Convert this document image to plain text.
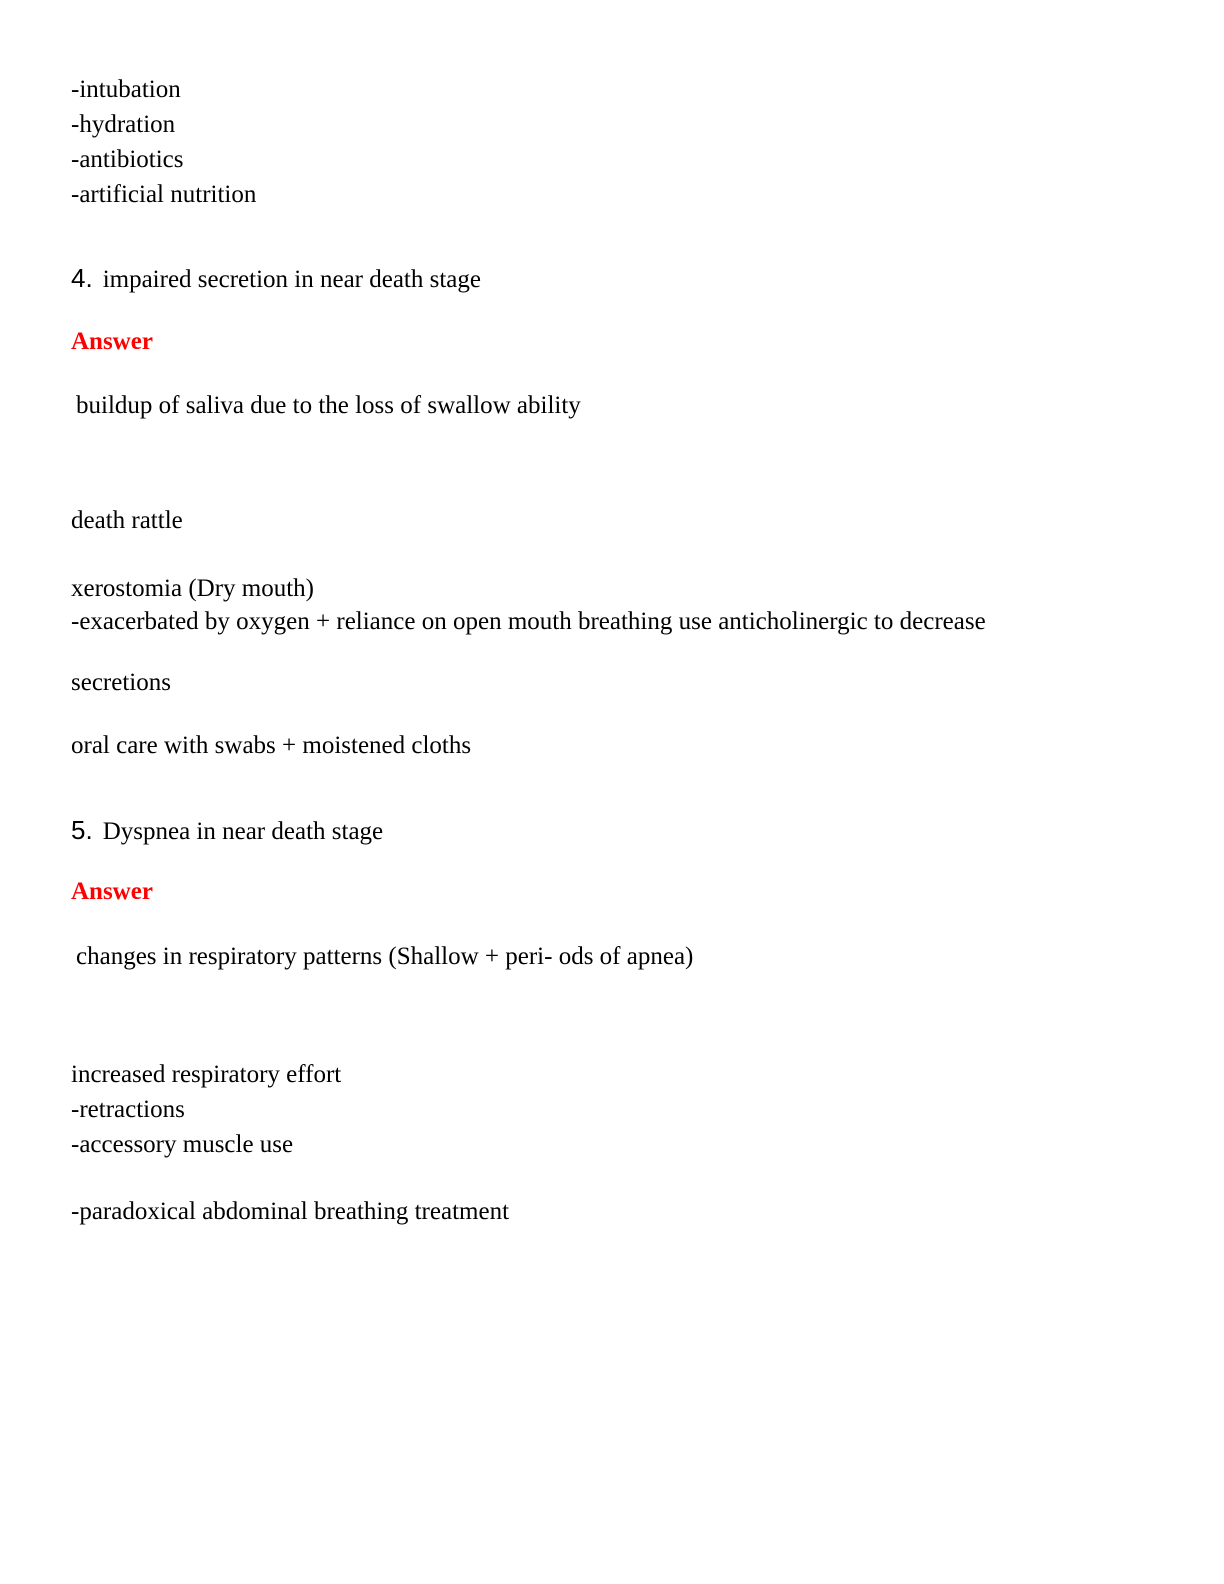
-intubation
-hydration
-antibiotics
-artificial nutrition
4. impaired secretion in near death stage
Answer
buildup of saliva due to the loss of swallow ability
death rattle
xerostomia (Dry mouth)
-exacerbated by oxygen + reliance on open mouth breathing use anticholinergic to decrease
secretions
oral care with swabs + moistened cloths
5. Dyspnea in near death stage
Answer
changes in respiratory patterns (Shallow + peri- ods of apnea)
increased respiratory effort
-retractions
-accessory muscle use
-paradoxical abdominal breathing treatment
